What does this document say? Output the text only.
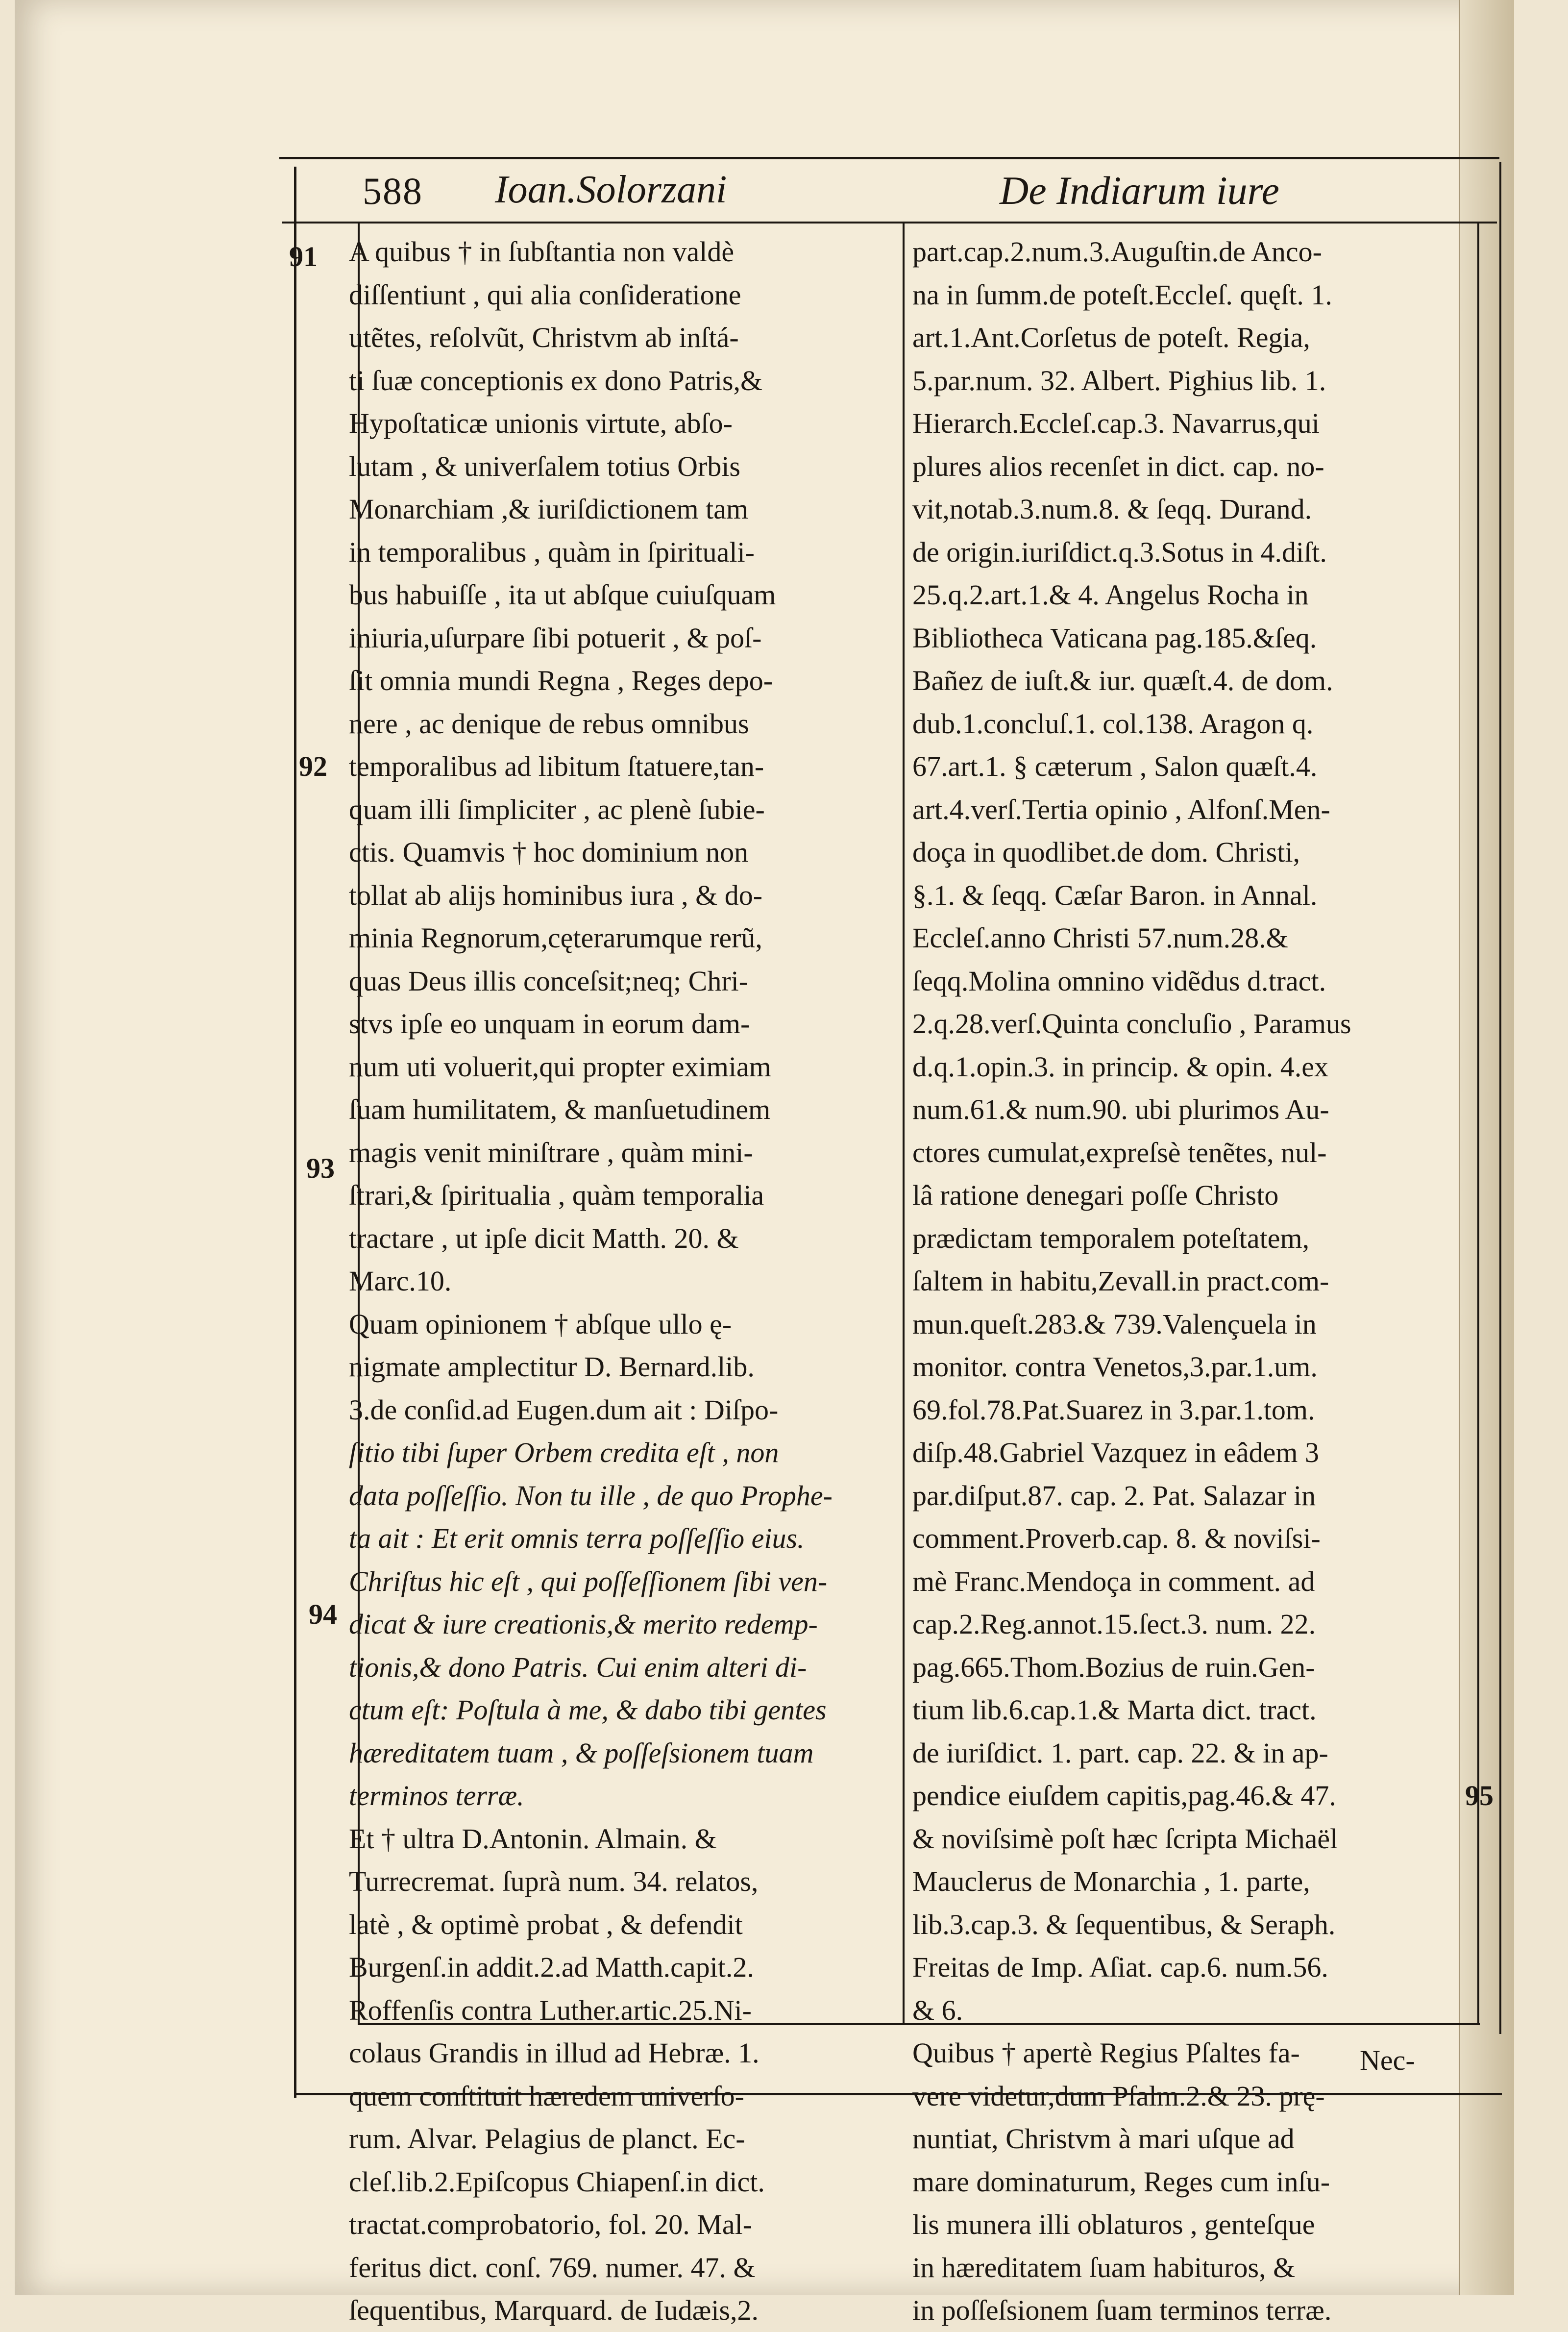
588 Ioan.Solorzani	De Indiarum iure
91
92
93
94
95
A quibus † in ſubſtantia non valdè
diſſentiunt , qui alia conſideratione
utẽtes, reſolvũt, Christvm ab inſtá-
ti ſuæ conceptionis ex dono Patris,&
Hypoſtaticæ unionis virtute, abſo-
lutam , & univerſalem totius Orbis
Monarchiam ,& iuriſdictionem tam
in temporalibus , quàm in ſpirituali-
bus habuiſſe , ita ut abſque cuiuſquam
iniuria,uſurpare ſibi potuerit , & poſ-
ſit omnia mundi Regna , Reges depo-
nere , ac denique de rebus omnibus
temporalibus ad libitum ſtatuere,tan-
quam illi ſimpliciter , ac plenè ſubie-
ctis. Quamvis † hoc dominium non
tollat ab alijs hominibus iura , & do-
minia Regnorum,cęterarumque rerũ,
quas Deus illis conceſsit;neq; Chri-
stvs ipſe eo unquam in eorum dam-
num uti voluerit,qui propter eximiam
ſuam humilitatem, & manſuetudinem
magis venit miniſtrare , quàm mini-
ſtrari,& ſpiritualia , quàm temporalia
tractare , ut ipſe dicit Matth. 20. &
Marc.10.
Quam opinionem † abſque ullo ę-
nigmate amplectitur D. Bernard.lib.
3.de conſid.ad Eugen.dum ait : Diſpo-
ſitio tibi ſuper Orbem credita eſt , non
data poſſeſſio. Non tu ille , de quo Prophe-
ta ait : Et erit omnis terra poſſeſſio eius.
Chriſtus hic eſt , qui poſſeſſionem ſibi ven-
dicat & iure creationis,& merito redemp-
tionis,& dono Patris. Cui enim alteri di-
ctum eſt: Poſtula à me, & dabo tibi gentes
hæreditatem tuam , & poſſeſsionem tuam
terminos terræ.
Et † ultra D.Antonin. Almain. &
Turrecremat. ſuprà num. 34. relatos,
latè , & optimè probat , & defendit
Burgenſ.in addit.2.ad Matth.capit.2.
Roffenſis contra Luther.artic.25.Ni-
colaus Grandis in illud ad Hebræ. 1.
quem conſtituit hæredem univerſo-
rum. Alvar. Pelagius de planct. Ec-
cleſ.lib.2.Epiſcopus Chiapenſ.in dict.
tractat.comprobatorio, fol. 20. Mal-
feritus dict. conſ. 769. numer. 47. &
ſequentibus, Marquard. de Iudæis,2.
part.cap.2.num.3.Auguſtin.de Anco-
na in ſumm.de poteſt.Eccleſ. quęſt. 1.
art.1.Ant.Corſetus de poteſt. Regia,
5.par.num. 32. Albert. Pighius lib. 1.
Hierarch.Eccleſ.cap.3. Navarrus,qui
plures alios recenſet in dict. cap. no-
vit,notab.3.num.8. & ſeqq. Durand.
de origin.iuriſdict.q.3.Sotus in 4.diſt.
25.q.2.art.1.& 4. Angelus Rocha in
Bibliotheca Vaticana pag.185.&ſeq.
Bañez de iuſt.& iur. quæſt.4. de dom.
dub.1.concluſ.1. col.138. Aragon q.
67.art.1. § cæterum , Salon quæſt.4.
art.4.verſ.Tertia opinio , Alfonſ.Men-
doça in quodlibet.de dom. Christi,
§.1. & ſeqq. Cæſar Baron. in Annal.
Eccleſ.anno Christi 57.num.28.&
ſeqq.Molina omnino vidẽdus d.tract.
2.q.28.verſ.Quinta concluſio , Paramus
d.q.1.opin.3. in princip. & opin. 4.ex
num.61.& num.90. ubi plurimos Au-
ctores cumulat,expreſsè tenẽtes, nul-
lâ ratione denegari poſſe Christo
prædictam temporalem poteſtatem,
ſaltem in habitu,Zevall.in pract.com-
mun.queſt.283.& 739.Valençuela in
monitor. contra Venetos,3.par.1.um.
69.fol.78.Pat.Suarez in 3.par.1.tom.
diſp.48.Gabriel Vazquez in eâdem 3
par.diſput.87. cap. 2. Pat. Salazar in
comment.Proverb.cap. 8. & noviſsi-
mè Franc.Mendoça in comment. ad
cap.2.Reg.annot.15.ſect.3. num. 22.
pag.665.Thom.Bozius de ruin.Gen-
tium lib.6.cap.1.& Marta dict. tract.
de iuriſdict. 1. part. cap. 22. & in ap-
pendice eiuſdem capitis,pag.46.& 47.
& noviſsimè poſt hæc ſcripta Michaël
Mauclerus de Monarchia , 1. parte,
lib.3.cap.3. & ſequentibus, & Seraph.
Freitas de Imp. Aſiat. cap.6. num.56.
& 6.
Quibus † apertè Regius Pſaltes fa-
vere videtur,dum Pſalm.2.& 23. prę-
nuntiat, Christvm à mari uſque ad
mare dominaturum, Reges cum inſu-
lis munera illi oblaturos , genteſque
in hæreditatem ſuam habituros, &
in poſſeſsionem ſuam terminos terræ.
Nec-
